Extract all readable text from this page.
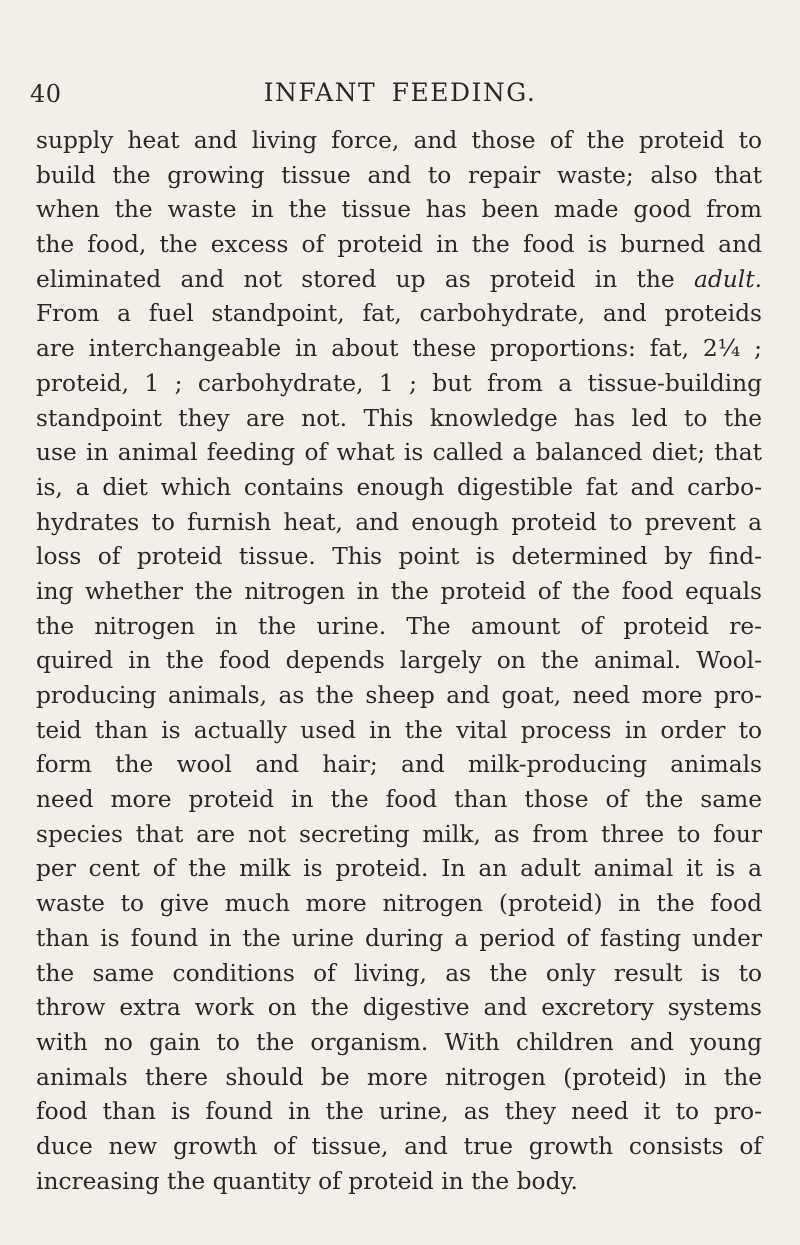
40	INFANT FEEDING.
supply heat and living force, and those of the proteid to
build the growing tissue and to repair waste; also that
when the waste in the tissue has been made good from
the food, the excess of proteid in the food is burned and
eliminated and not stored up as proteid in the adult.
From a fuel standpoint, fat, carbohydrate, and proteids
are interchangeable in about these proportions: fat, 2¼ ;
proteid, 1 ; carbohydrate, 1 ; but from a tissue-building
standpoint they are not. This knowledge has led to the
use in animal feeding of what is called a balanced diet; that
is, a diet which contains enough digestible fat and carbo-
hydrates to furnish heat, and enough proteid to prevent a
loss of proteid tissue. This point is determined by find-
ing whether the nitrogen in the proteid of the food equals
the nitrogen in the urine. The amount of proteid re-
quired in the food depends largely on the animal. Wool-
producing animals, as the sheep and goat, need more pro-
teid than is actually used in the vital process in order to
form the wool and hair; and milk-producing animals
need more proteid in the food than those of the same
species that are not secreting milk, as from three to four
per cent of the milk is proteid. In an adult animal it is a
waste to give much more nitrogen (proteid) in the food
than is found in the urine during a period of fasting under
the same conditions of living, as the only result is to
throw extra work on the digestive and excretory systems
with no gain to the organism. With children and young
animals there should be more nitrogen (proteid) in the
food than is found in the urine, as they need it to pro-
duce new growth of tissue, and true growth consists of
increasing the quantity of proteid in the body.
